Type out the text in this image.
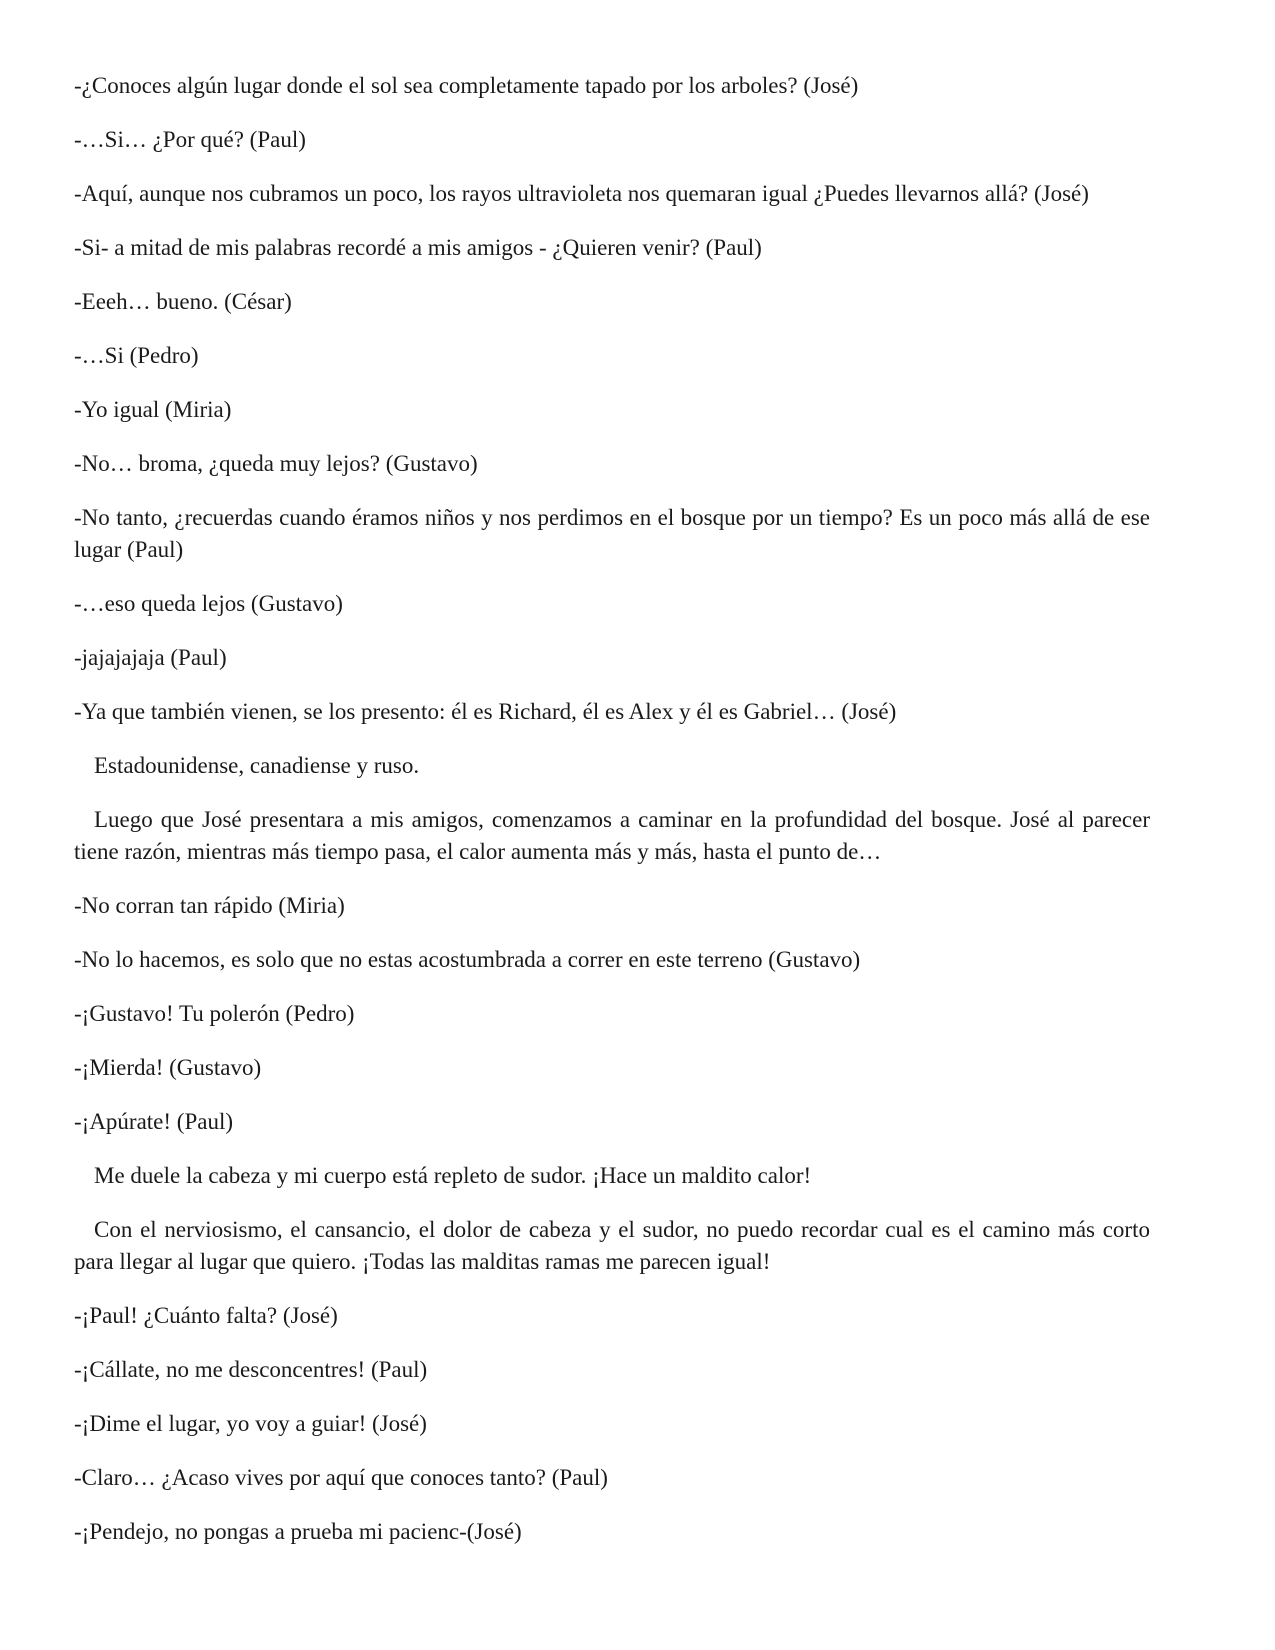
-¿Conoces algún lugar donde el sol sea completamente tapado por los arboles? (José)

-…Si… ¿Por qué? (Paul)

-Aquí, aunque nos cubramos un poco, los rayos ultravioleta nos quemaran igual ¿Puedes llevarnos allá? (José)

-Si- a mitad de mis palabras recordé a mis amigos - ¿Quieren venir? (Paul)

-Eeeh… bueno. (César)

-…Si (Pedro)

-Yo igual (Miria)

-No… broma, ¿queda muy lejos? (Gustavo)

-No tanto, ¿recuerdas cuando éramos niños y nos perdimos en el bosque por un tiempo? Es un poco más allá de ese lugar (Paul)

-…eso queda lejos (Gustavo)

-jajajajaja (Paul)

-Ya que también vienen, se los presento: él es Richard, él es Alex y él es Gabriel… (José)

Estadounidense, canadiense y ruso.

Luego que José presentara a mis amigos, comenzamos a caminar en la profundidad del bosque. José al parecer tiene razón, mientras más tiempo pasa, el calor aumenta más y más, hasta el punto de…

-No corran tan rápido (Miria)

-No lo hacemos, es solo que no estas acostumbrada a correr en este terreno (Gustavo)

-¡Gustavo! Tu polerón (Pedro)

-¡Mierda! (Gustavo)

-¡Apúrate! (Paul)

Me duele la cabeza y mi cuerpo está repleto de sudor. ¡Hace un maldito calor!

Con el nerviosismo, el cansancio, el dolor de cabeza y el sudor, no puedo recordar cual es el camino más corto para llegar al lugar que quiero. ¡Todas las malditas ramas me parecen igual!

-¡Paul! ¿Cuánto falta? (José)

-¡Cállate, no me desconcentres! (Paul)

-¡Dime el lugar, yo voy a guiar! (José)

-Claro… ¿Acaso vives por aquí que conoces tanto? (Paul)

-¡Pendejo, no pongas a prueba mi pacienc-(José)
